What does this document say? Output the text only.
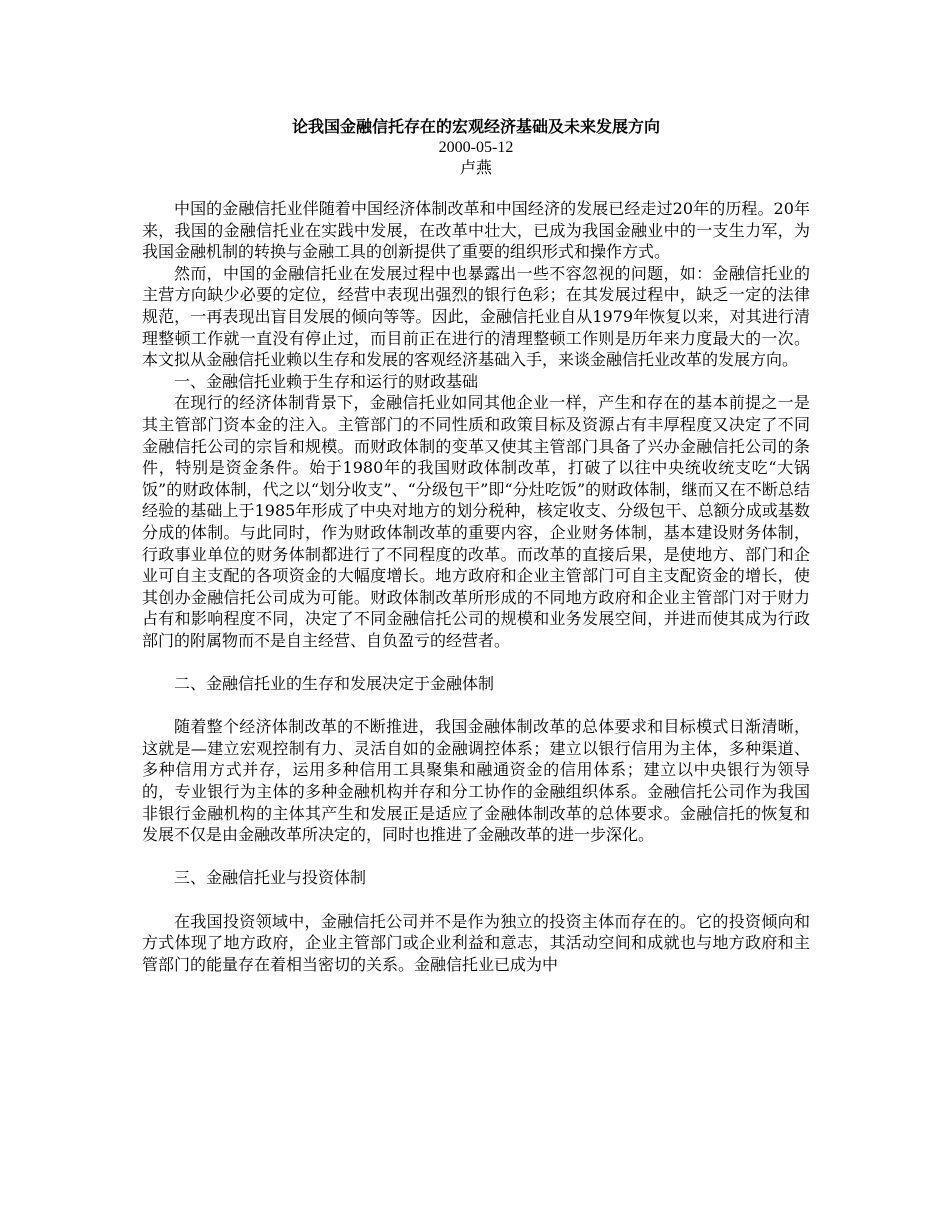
论我国金融信托存在的宏观经济基础及未来发展方向
2000-05-12
卢燕

中国的金融信托业伴随着中国经济体制改革和中国经济的发展已经走过20年的历程。20年来，我国的金融信托业在实践中发展，在改革中壮大，已成为我国金融业中的一支生力军，为我国金融机制的转换与金融工具的创新提供了重要的组织形式和操作方式。

然而，中国的金融信托业在发展过程中也暴露出一些不容忽视的问题，如：金融信托业的主营方向缺少必要的定位，经营中表现出强烈的银行色彩；在其发展过程中，缺乏一定的法律规范，一再表现出盲目发展的倾向等等。因此，金融信托业自从1979年恢复以来，对其进行清理整顿工作就一直没有停止过，而目前正在进行的清理整顿工作则是历年来力度最大的一次。本文拟从金融信托业赖以生存和发展的客观经济基础入手，来谈金融信托业改革的发展方向。

一、金融信托业赖于生存和运行的财政基础

在现行的经济体制背景下，金融信托业如同其他企业一样，产生和存在的基本前提之一是其主管部门资本金的注入。主管部门的不同性质和政策目标及资源占有丰厚程度又决定了不同金融信托公司的宗旨和规模。而财政体制的变革又使其主管部门具备了兴办金融信托公司的条件，特别是资金条件。始于1980年的我国财政体制改革，打破了以往中央统收统支吃“大锅饭”的财政体制，代之以“划分收支”、“分级包干”即“分灶吃饭”的财政体制，继而又在不断总结经验的基础上于1985年形成了中央对地方的划分税种，核定收支、分级包干、总额分成或基数分成的体制。与此同时，作为财政体制改革的重要内容，企业财务体制，基本建设财务体制，行政事业单位的财务体制都进行了不同程度的改革。而改革的直接后果，是使地方、部门和企业可自主支配的各项资金的大幅度增长。地方政府和企业主管部门可自主支配资金的增长，使其创办金融信托公司成为可能。财政体制改革所形成的不同地方政府和企业主管部门对于财力占有和影响程度不同，决定了不同金融信托公司的规模和业务发展空间，并进而使其成为行政部门的附属物而不是自主经营、自负盈亏的经营者。

二、金融信托业的生存和发展决定于金融体制

随着整个经济体制改革的不断推进，我国金融体制改革的总体要求和目标模式日渐清晰，这就是—建立宏观控制有力、灵活自如的金融调控体系；建立以银行信用为主体，多种渠道、多种信用方式并存，运用多种信用工具聚集和融通资金的信用体系；建立以中央银行为领导的，专业银行为主体的多种金融机构并存和分工协作的金融组织体系。金融信托公司作为我国非银行金融机构的主体其产生和发展正是适应了金融体制改革的总体要求。金融信托的恢复和发展不仅是由金融改革所决定的，同时也推进了金融改革的进一步深化。

三、金融信托业与投资体制

在我国投资领域中，金融信托公司并不是作为独立的投资主体而存在的。它的投资倾向和方式体现了地方政府，企业主管部门或企业利益和意志，其活动空间和成就也与地方政府和主管部门的能量存在着相当密切的关系。金融信托业已成为中
